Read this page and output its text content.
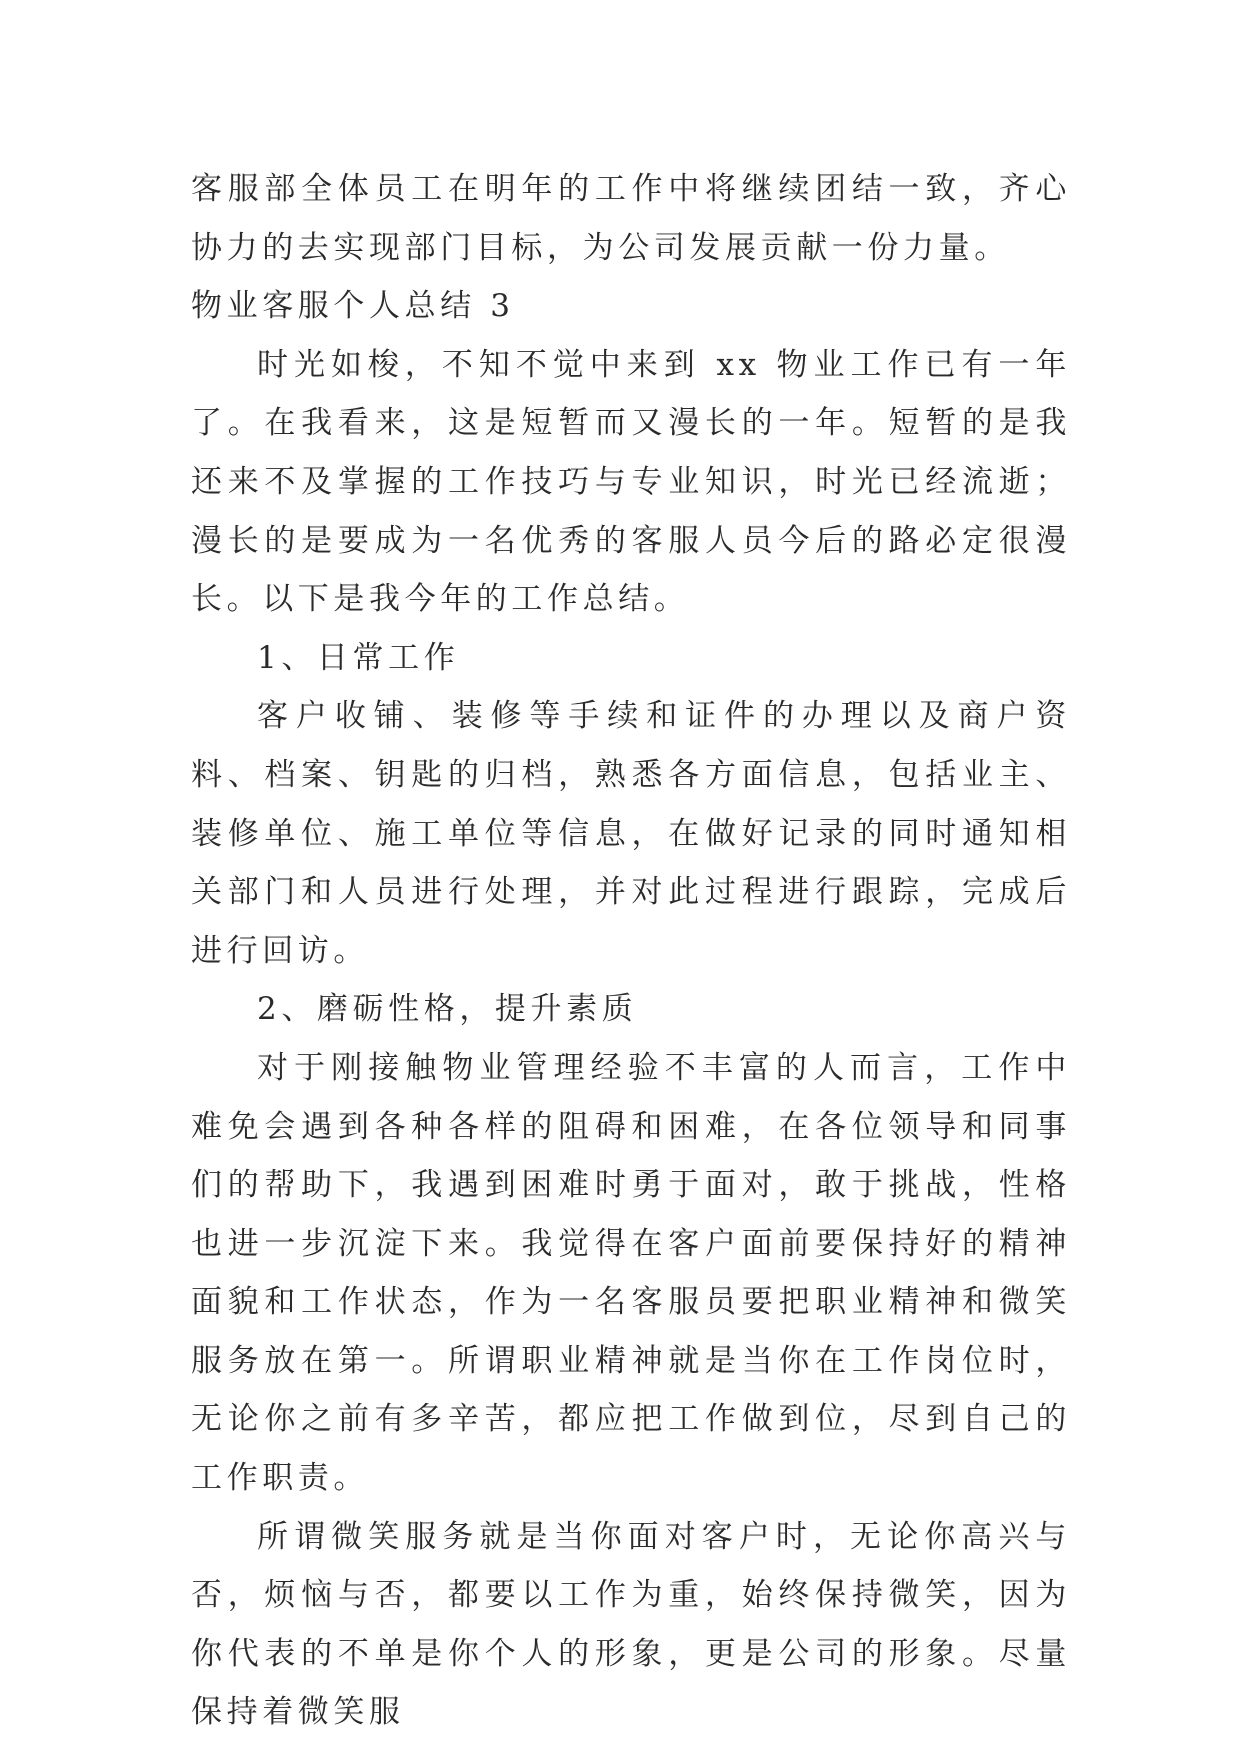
客服部全体员工在明年的工作中将继续团结一致，齐心协力的去实现部门目标，为公司发展贡献一份力量。

物业客服个人总结 3

时光如梭，不知不觉中来到 xx 物业工作已有一年了。在我看来，这是短暂而又漫长的一年。短暂的是我还来不及掌握的工作技巧与专业知识，时光已经流逝；漫长的是要成为一名优秀的客服人员今后的路必定很漫长。以下是我今年的工作总结。

1、日常工作

客户收铺、装修等手续和证件的办理以及商户资料、档案、钥匙的归档，熟悉各方面信息，包括业主、装修单位、施工单位等信息，在做好记录的同时通知相关部门和人员进行处理，并对此过程进行跟踪，完成后进行回访。

2、磨砺性格，提升素质

对于刚接触物业管理经验不丰富的人而言，工作中难免会遇到各种各样的阻碍和困难，在各位领导和同事们的帮助下，我遇到困难时勇于面对，敢于挑战，性格也进一步沉淀下来。我觉得在客户面前要保持好的精神面貌和工作状态，作为一名客服员要把职业精神和微笑服务放在第一。所谓职业精神就是当你在工作岗位时，无论你之前有多辛苦，都应把工作做到位，尽到自己的工作职责。

所谓微笑服务就是当你面对客户时，无论你高兴与否，烦恼与否，都要以工作为重，始终保持微笑，因为你代表的不单是你个人的形象，更是公司的形象。尽量保持着微笑服
